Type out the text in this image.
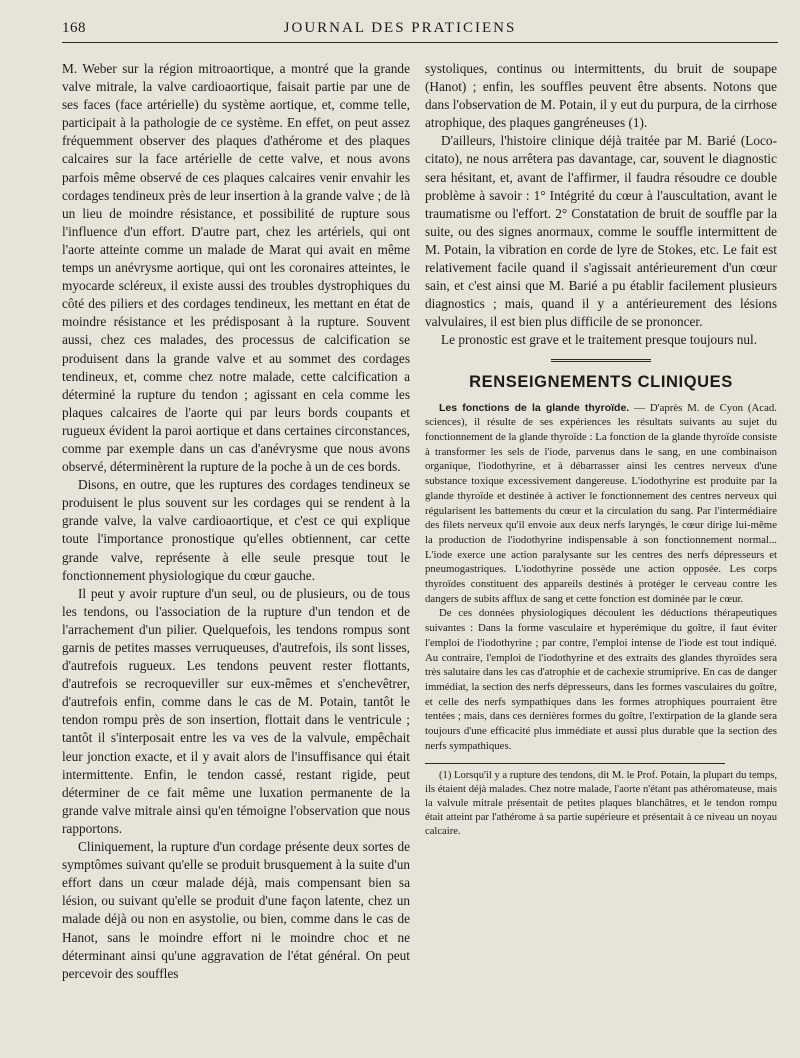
168	JOURNAL DES PRATICIENS

M. Weber sur la région mitroaortique, a montré que la grande valve mitrale, la valve cardioaortique, faisait partie par une de ses faces (face artérielle) du système aortique, et, comme telle, participait à la pathologie de ce système. En effet, on peut assez fréquemment observer des plaques d'athérome et des plaques calcaires sur la face artérielle de cette valve, et nous avons parfois même observé de ces plaques calcaires venir envahir les cordages tendineux près de leur insertion à la grande valve ; de là un lieu de moindre résistance, et possibilité de rupture sous l'influence d'un effort. D'autre part, chez les artériels, qui ont l'aorte atteinte comme un malade de Marat qui avait en même temps un anévrysme aortique, qui ont les coronaires atteintes, le myocarde scléreux, il existe aussi des troubles dystrophiques du côté des piliers et des cordages tendineux, les mettant en état de moindre résistance et les prédisposant à la rupture. Souvent aussi, chez ces malades, des processus de calcification se produisent dans la grande valve et au sommet des cordages tendineux, et, comme chez notre malade, cette calcification a déterminé la rupture du tendon ; agissant en cela comme les plaques calcaires de l'aorte qui par leurs bords coupants et rugueux évident la paroi aortique et dans certaines circonstances, comme par exemple dans un cas d'anévrysme que nous avons observé, déterminèrent la rupture de la poche à un de ces bords.

Disons, en outre, que les ruptures des cordages tendineux se produisent le plus souvent sur les cordages qui se rendent à la grande valve, la valve cardioaortique, et c'est ce qui explique toute l'importance pronostique qu'elles obtiennent, car cette grande valve, représente à elle seule presque tout le fonctionnement physiologique du cœur gauche.

Il peut y avoir rupture d'un seul, ou de plusieurs, ou de tous les tendons, ou l'association de la rupture d'un tendon et de l'arrachement d'un pilier. Quelquefois, les tendons rompus sont garnis de petites masses verruqueuses, d'autrefois, ils sont lisses, d'autrefois rugueux. Les tendons peuvent rester flottants, d'autrefois se recroqueviller sur eux-mêmes et s'enchevêtrer, d'autrefois enfin, comme dans le cas de M. Potain, tantôt le tendon rompu près de son insertion, flottait dans le ventricule ; tantôt il s'interposait entre les va ves de la valvule, empêchait leur jonction exacte, et il y avait alors de l'insuffisance qui était intermittente. Enfin, le tendon cassé, restant rigide, peut déterminer de ce fait même une luxation permanente de la grande valve mitrale ainsi qu'en témoigne l'observation que nous rapportons.

Cliniquement, la rupture d'un cordage présente deux sortes de symptômes suivant qu'elle se produit brusquement à la suite d'un effort dans un cœur malade déjà, mais compensant bien sa lésion, ou suivant qu'elle se produit d'une façon latente, chez un malade déjà ou non en asystolie, ou bien, comme dans le cas de Hanot, sans le moindre effort ni le moindre choc et ne déterminant ainsi qu'une aggravation de l'état général. On peut percevoir des souffles

systoliques, continus ou intermittents, du bruit de soupape (Hanot) ; enfin, les souffles peuvent être absents. Notons que dans l'observation de M. Potain, il y eut du purpura, de la cirrhose atrophique, des plaques gangréneuses (1).

D'ailleurs, l'histoire clinique déjà traitée par M. Barié (Loco-citato), ne nous arrêtera pas davantage, car, souvent le diagnostic sera hésitant, et, avant de l'affirmer, il faudra résoudre ce double problème à savoir : 1° Intégrité du cœur à l'auscultation, avant le traumatisme ou l'effort. 2° Constatation de bruit de souffle par la suite, ou des signes anormaux, comme le souffle intermittent de M. Potain, la vibration en corde de lyre de Stokes, etc. Le fait est relativement facile quand il s'agissait antérieurement d'un cœur sain, et c'est ainsi que M. Barié a pu établir facilement plusieurs diagnostics ; mais, quand il y a antérieurement des lésions valvulaires, il est bien plus difficile de se prononcer.

Le pronostic est grave et le traitement presque toujours nul.

RENSEIGNEMENTS CLINIQUES

Les fonctions de la glande thyroïde. — D'après M. de Cyon (Acad. sciences), il résulte de ses expériences les résultats suivants au sujet du fonctionnement de la glande thyroïde : La fonction de la glande thyroïde consiste à transformer les sels de l'iode, parvenus dans le sang, en une combinaison organique, l'iodothyrine, et à débarrasser ainsi les centres nerveux d'une substance toxique excessivement dangereuse. L'iodothyrine est produite par la glande thyroïde et destinée à activer le fonctionnement des centres nerveux qui régularisent les battements du cœur et la circulation du sang. Par l'intermédiaire des filets nerveux qu'il envoie aux deux nerfs laryngés, le cœur dirige lui-même la production de l'iodothyrine indispensable à son fonctionnement normal... L'iode exerce une action paralysante sur les centres des nerfs dépresseurs et pneumogastriques. L'iodothyrine possède une action opposée. Les corps thyroïdes constituent des appareils destinés à protéger le cerveau contre les dangers de subits afflux de sang et cette fonction est dominée par le cœur.

De ces données physiologiques découlent les déductions thérapeutiques suivantes : Dans la forme vasculaire et hyperémique du goître, il faut éviter l'emploi de l'iodothyrine ; par contre, l'emploi intense de l'iode est tout indiqué. Au contraire, l'emploi de l'iodothyrine et des extraits des glandes thyroïdes sera très salutaire dans les cas d'atrophie et de cachexie strumiprive. En cas de danger immédiat, la section des nerfs dépresseurs, dans les formes vasculaires du goître, et celle des nerfs sympathiques dans les formes atrophiques pourraient être tentées ; mais, dans ces dernières formes du goître, l'extirpation de la glande sera toujours d'une efficacité plus immédiate et aussi plus durable que la section des nerfs sympathiques.

(1) Lorsqu'il y a rupture des tendons, dit M. le Prof. Potain, la plupart du temps, ils étaient déjà malades. Chez notre malade, l'aorte n'étant pas athéromateuse, mais la valvule mitrale présentait de petites plaques blanchâtres, et le tendon rompu était atteint par l'athérome à sa partie supérieure et présentait à ce niveau un noyau calcaire.
